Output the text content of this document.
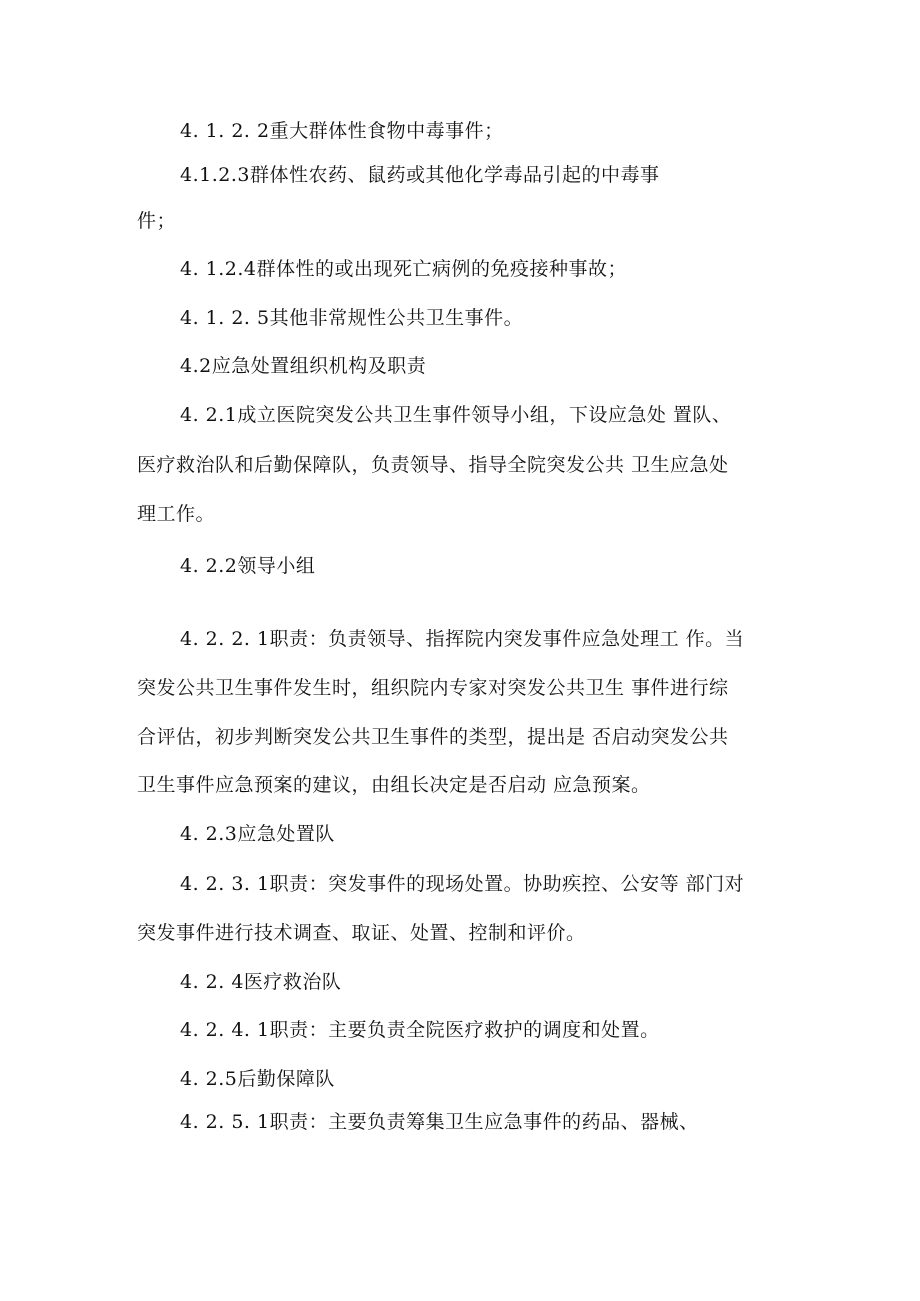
4. 1. 2. 2重大群体性食物中毒事件；
4.1.2.3群体性农药、鼠药或其他化学毒品引起的中毒事
件；
4. 1.2.4群体性的或出现死亡病例的免疫接种事故；
4. 1. 2. 5其他非常规性公共卫生事件。
4.2应急处置组织机构及职责
4. 2.1成立医院突发公共卫生事件领导小组，下设应急处 置队、
医疗救治队和后勤保障队，负责领导、指导全院突发公共 卫生应急处
理工作。
4. 2.2领导小组
4. 2. 2. 1职责：负责领导、指挥院内突发事件应急处理工 作。当
突发公共卫生事件发生时，组织院内专家对突发公共卫生 事件进行综
合评估，初步判断突发公共卫生事件的类型，提出是 否启动突发公共
卫生事件应急预案的建议，由组长决定是否启动 应急预案。
4. 2.3应急处置队
4. 2. 3. 1职责：突发事件的现场处置。协助疾控、公安等 部门对
突发事件进行技术调查、取证、处置、控制和评价。
4. 2. 4医疗救治队
4. 2. 4. 1职责：主要负责全院医疗救护的调度和处置。
4. 2.5后勤保障队
4. 2. 5. 1职责：主要负责筹集卫生应急事件的药品、器械、
